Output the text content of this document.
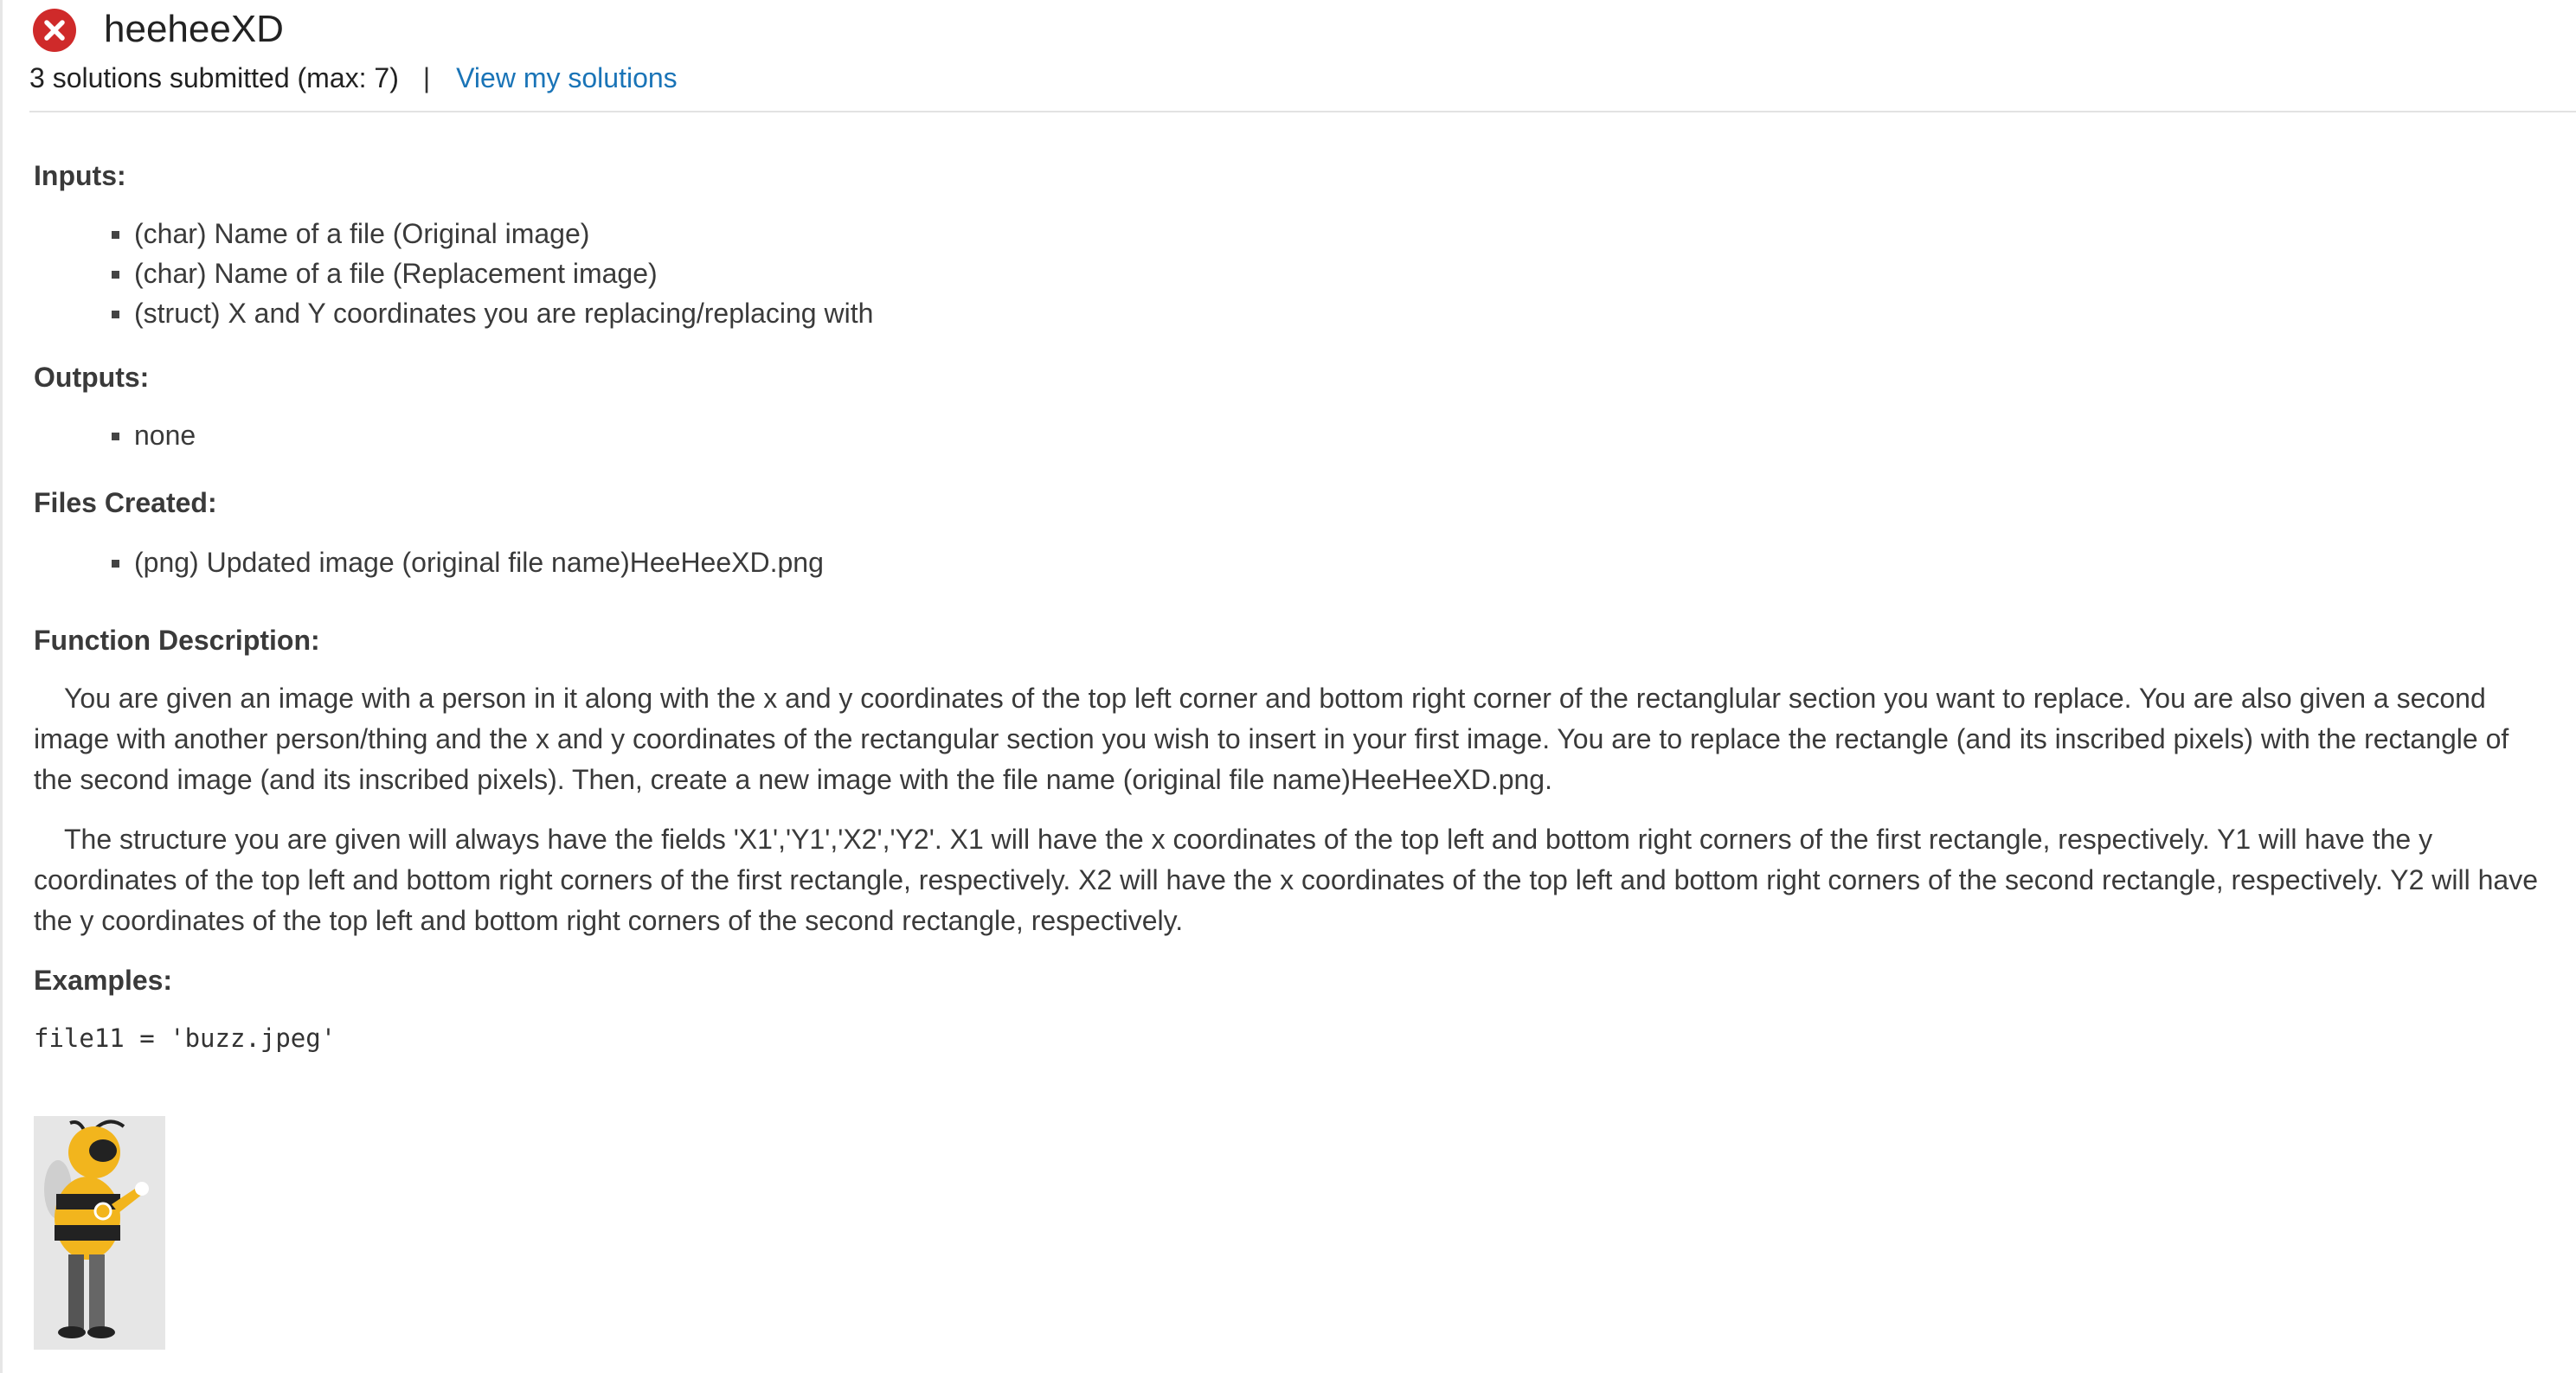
heeheeXD
3 solutions submitted (max: 7) | View my solutions
Inputs:
(char) Name of a file (Original image)
(char) Name of a file (Replacement image)
(struct) X and Y coordinates you are replacing/replacing with
Outputs:
none
Files Created:
(png) Updated image (original file name)HeeHeeXD.png
Function Description:

You are given an image with a person in it along with the x and y coordinates of the top left corner and bottom right corner of the rectanglular section you want to replace. You are also given a second image with another person/thing and the x and y coordinates of the rectangular section you wish to insert in your first image. You are to replace the rectangle (and its inscribed pixels) with the rectangle of the second image (and its inscribed pixels). Then, create a new image with the file name (original file name)HeeHeeXD.png.

The structure you are given will always have the fields 'X1','Y1','X2','Y2'. X1 will have the x coordinates of the top left and bottom right corners of the first rectangle, respectively. Y1 will have the y coordinates of the top left and bottom right corners of the first rectangle, respectively. X2 will have the x coordinates of the top left and bottom right corners of the second rectangle, respectively. Y2 will have the y coordinates of the top left and bottom right corners of the second rectangle, respectively.

Examples:
file11 = 'buzz.jpeg'
